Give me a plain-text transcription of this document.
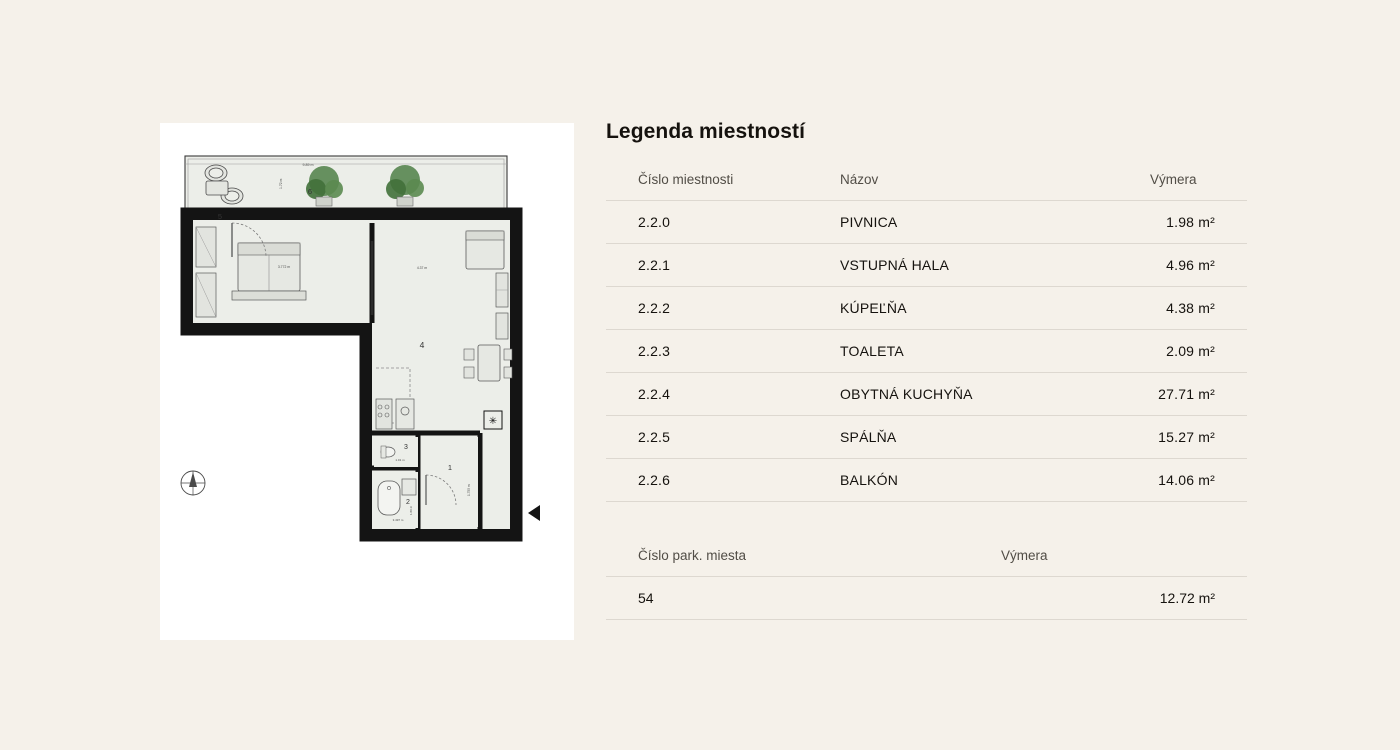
6
9.89 m
1.72 m
5
3.772 m
4
4.37 m
1
1.755 m
3
1.01 m
2
3.497 m
1.80 m
✳
Legenda miestností
Číslo miestnosti	Názov	Výmera
2.2.0	PIVNICA	1.98 m²
2.2.1	VSTUPNÁ HALA	4.96 m²
2.2.2	KÚPEĽŇA	4.38 m²
2.2.3	TOALETA	2.09 m²
2.2.4	OBYTNÁ KUCHYŇA	27.71 m²
2.2.5	SPÁLŇA	15.27 m²
2.2.6	BALKÓN	14.06 m²
Číslo park. miesta	Výmera
54	12.72 m²
